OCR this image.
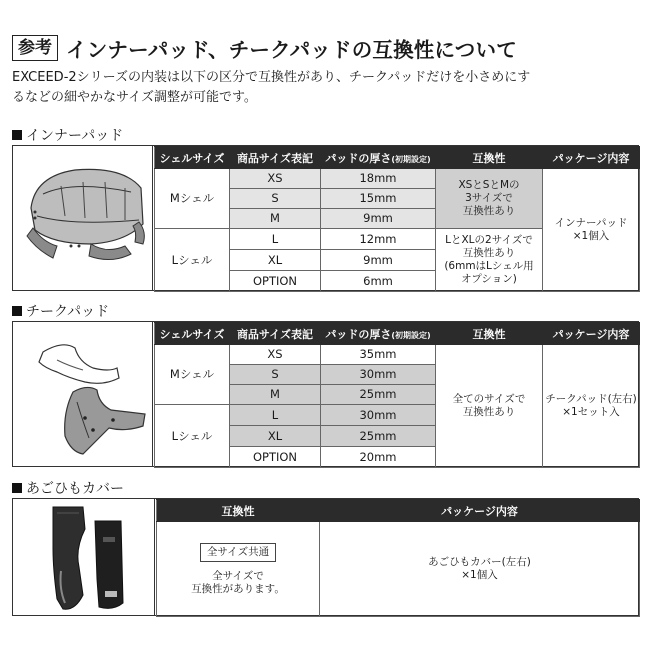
参考 インナーパッド、チークパッドの互換性について
EXCEED-2シリーズの内装は以下の区分で互換性があり、チークパッドだけを小さめにす
るなどの細やかなサイズ調整が可能です。
インナーパッド
シェルサイズ	商品サイズ表記	パッドの厚さ(初期設定)	互換性	パッケージ内容
Mシェル	XS	18mm	XSとSとMの
3サイズで
互換性あり	インナーパッド
×1個入
	S	15mm		
	M	9mm		
Lシェル	L	12mm	LとXLの2サイズで
互換性あり
(6mmはLシェル用
オプション)	
	XL	9mm		
	OPTION	6mm		
チークパッド
シェルサイズ	商品サイズ表記	パッドの厚さ(初期設定)	互換性	パッケージ内容
Mシェル	XS	35mm	全てのサイズで
互換性あり	チークパッド(左右)
×1セット入
	S	30mm		
	M	25mm		
Lシェル	L	30mm		
	XL	25mm		
	OPTION	20mm		
あごひもカバー
互換性	パッケージ内容
全サイズ共通
全サイズで
互換性があります。	あごひもカバー(左右)
×1個入
